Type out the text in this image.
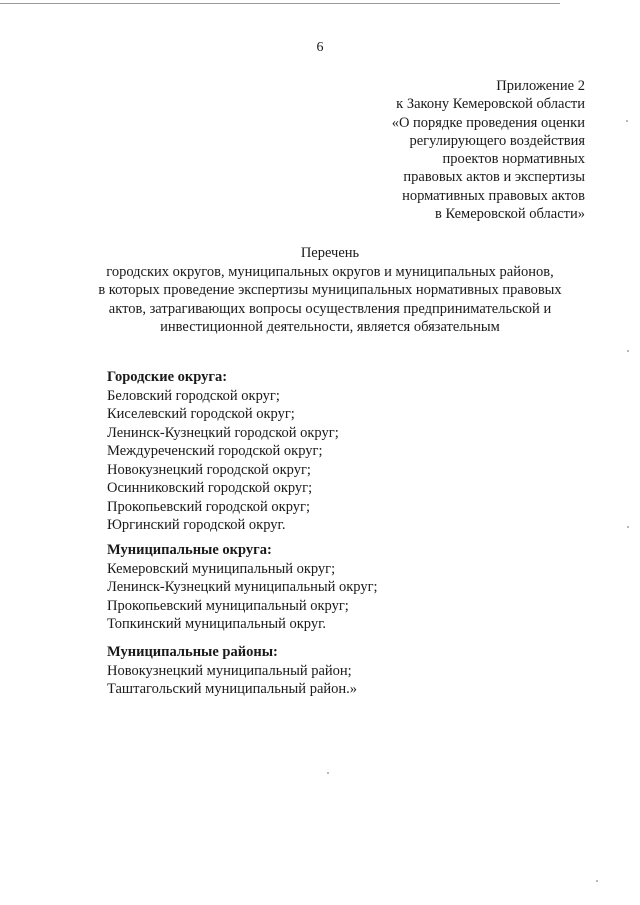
6
Приложение 2
к Закону Кемеровской области
«О порядке проведения оценки
регулирующего воздействия
проектов нормативных
правовых актов и экспертизы
нормативных правовых актов
в Кемеровской области»
Перечень
городских округов, муниципальных округов и муниципальных районов,
в которых проведение экспертизы муниципальных нормативных правовых
актов, затрагивающих вопросы осуществления предпринимательской и
инвестиционной деятельности, является обязательным
Городские округа:
Беловский городской округ;
Киселевский городской округ;
Ленинск-Кузнецкий городской округ;
Междуреченский городской округ;
Новокузнецкий городской округ;
Осинниковский городской округ;
Прокопьевский городской округ;
Юргинский городской округ.
Муниципальные округа:
Кемеровский муниципальный округ;
Ленинск-Кузнецкий муниципальный округ;
Прокопьевский муниципальный округ;
Топкинский муниципальный округ.
Муниципальные районы:
Новокузнецкий муниципальный район;
Таштагольский муниципальный район.»
